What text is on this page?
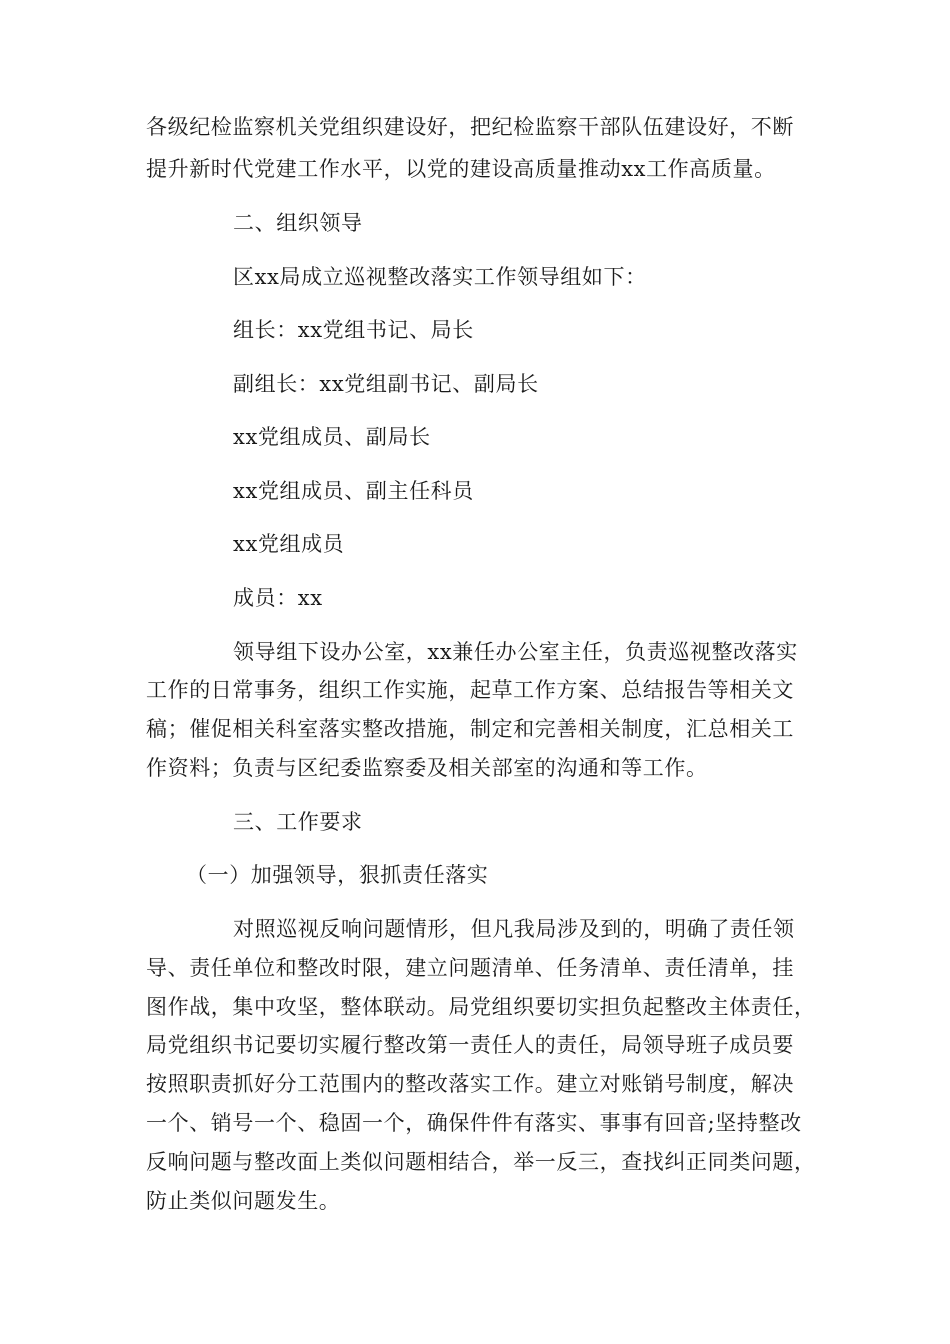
各级纪检监察机关党组织建设好，把纪检监察干部队伍建设好，不断
提升新时代党建工作水平，以党的建设高质量推动xx工作高质量。
二、组织领导
区xx局成立巡视整改落实工作领导组如下：
组长：xx党组书记、局长
副组长：xx党组副书记、副局长
xx党组成员、副局长
xx党组成员、副主任科员
xx党组成员
成员：xx
领导组下设办公室，xx兼任办公室主任，负责巡视整改落实
工作的日常事务，组织工作实施，起草工作方案、总结报告等相关文
稿；催促相关科室落实整改措施，制定和完善相关制度，汇总相关工
作资料；负责与区纪委监察委及相关部室的沟通和等工作。
三、工作要求
（一）加强领导，狠抓责任落实
对照巡视反响问题情形，但凡我局涉及到的，明确了责任领
导、责任单位和整改时限，建立问题清单、任务清单、责任清单，挂
图作战，集中攻坚，整体联动。局党组织要切实担负起整改主体责任，
局党组织书记要切实履行整改第一责任人的责任，局领导班子成员要
按照职责抓好分工范围内的整改落实工作。建立对账销号制度，解决
一个、销号一个、稳固一个，确保件件有落实、事事有回音;坚持整改
反响问题与整改面上类似问题相结合，举一反三，查找纠正同类问题，
防止类似问题发生。
